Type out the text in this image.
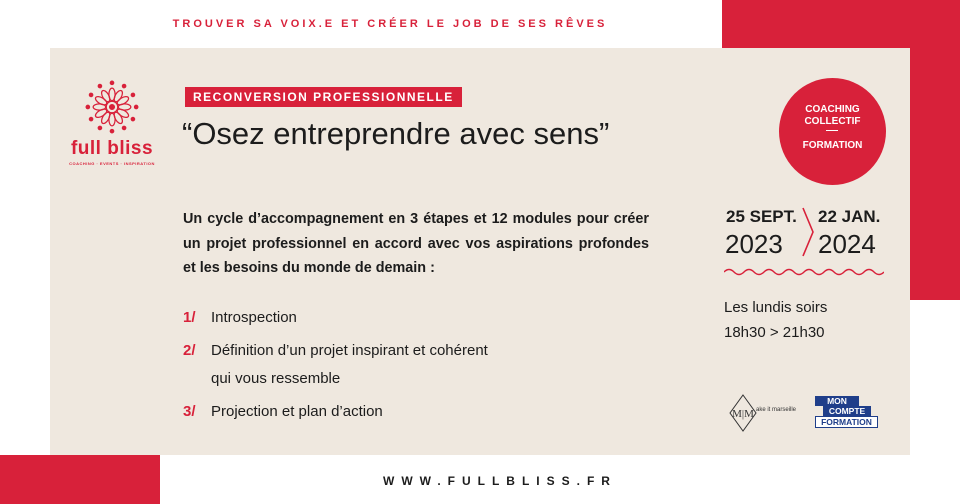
TROUVER SA VOIX.E ET CRÉER LE JOB DE SES RÊVES
full bliss
COACHING · EVENTS · INSPIRATION
RECONVERSION PROFESSIONNELLE
“Osez entreprendre avec sens”
COACHING
COLLECTIF
FORMATION
Un cycle d’accompagnement en 3 étapes et 12 modules pour créer un projet professionnel en accord avec vos aspirations profondes et les besoins du monde de demain :
1/ Introspection
2/ Définition d’un projet inspirant et cohérent
qui vous ressemble
3/ Projection et plan d’action
25 SEPT.
2023
22 JAN.
2024
Les lundis soirs
18h30 > 21h30
M|M ake it marseille
MON
COMPTE
FORMATION
WWW.FULLBLISS.FR
